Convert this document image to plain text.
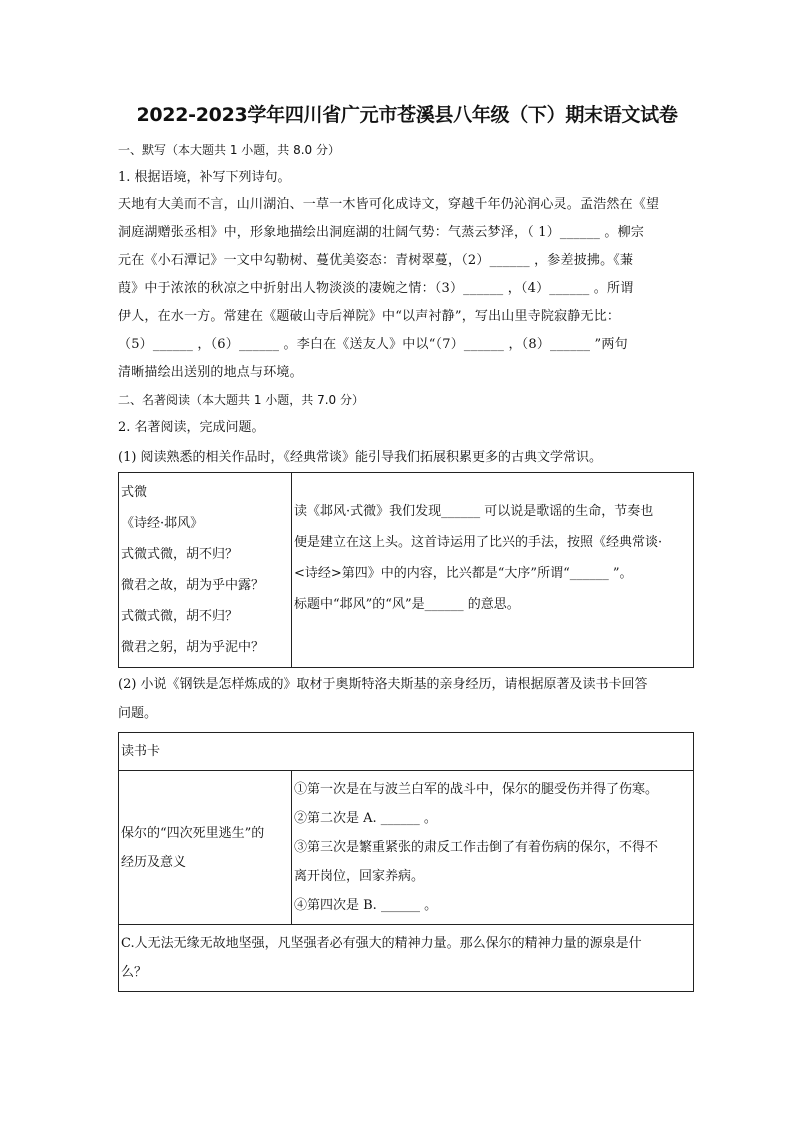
2022-2023学年四川省广元市苍溪县八年级（下）期末语文试卷
一、默写（本大题共 1 小题，共 8.0 分）
1. 根据语境，补写下列诗句。
天地有大美而不言，山川湖泊、一草一木皆可化成诗文，穿越千年仍沁润心灵。孟浩然在《望
洞庭湖赠张丞相》中，形象地描绘出洞庭湖的壮阔气势：气蒸云梦泽，（ 1）______ 。柳宗
元在《小石潭记》一文中勾勒树、蔓优美姿态：青树翠蔓，（2）______ ，参差披拂。《蒹
葭》中于浓浓的秋凉之中折射出人物淡淡的凄婉之情：（3）______ ，（4）______ 。所谓
伊人，在水一方。常建在《题破山寺后禅院》中“以声衬静”，写出山里寺院寂静无比：
（5）______ ，（6）______ 。李白在《送友人》中以“（7）______ ，（8）______ ”两句
清晰描绘出送别的地点与环境。
二、名著阅读（本大题共 1 小题，共 7.0 分）
2. 名著阅读，完成问题。
(1) 阅读熟悉的相关作品时，《经典常谈》能引导我们拓展积累更多的古典文学常识。
式微
《诗经·邶风》
式微式微，胡不归？
微君之故，胡为乎中露？
式微式微，胡不归？
微君之躬，胡为乎泥中？

读《邶风·式微》我们发现______ 可以说是歌谣的生命，节奏也
便是建立在这上头。这首诗运用了比兴的手法，按照《经典常谈·
<诗经>第四》中的内容，比兴都是“大序”所谓“______ ”。
标题中“邶风”的“风”是______ 的意思。
(2) 小说《钢铁是怎样炼成的》取材于奥斯特洛夫斯基的亲身经历，请根据原著及读书卡回答
问题。
读书卡

保尔的“四次死里逃生”的
经历及意义

①第一次是在与波兰白军的战斗中，保尔的腿受伤并得了伤寒。
②第二次是 A. ______ 。
③第三次是繁重紧张的肃反工作击倒了有着伤病的保尔，不得不
离开岗位，回家养病。
④第四次是 B. ______ 。

C.人无法无缘无故地坚强，凡坚强者必有强大的精神力量。那么保尔的精神力量的源泉是什
么？
